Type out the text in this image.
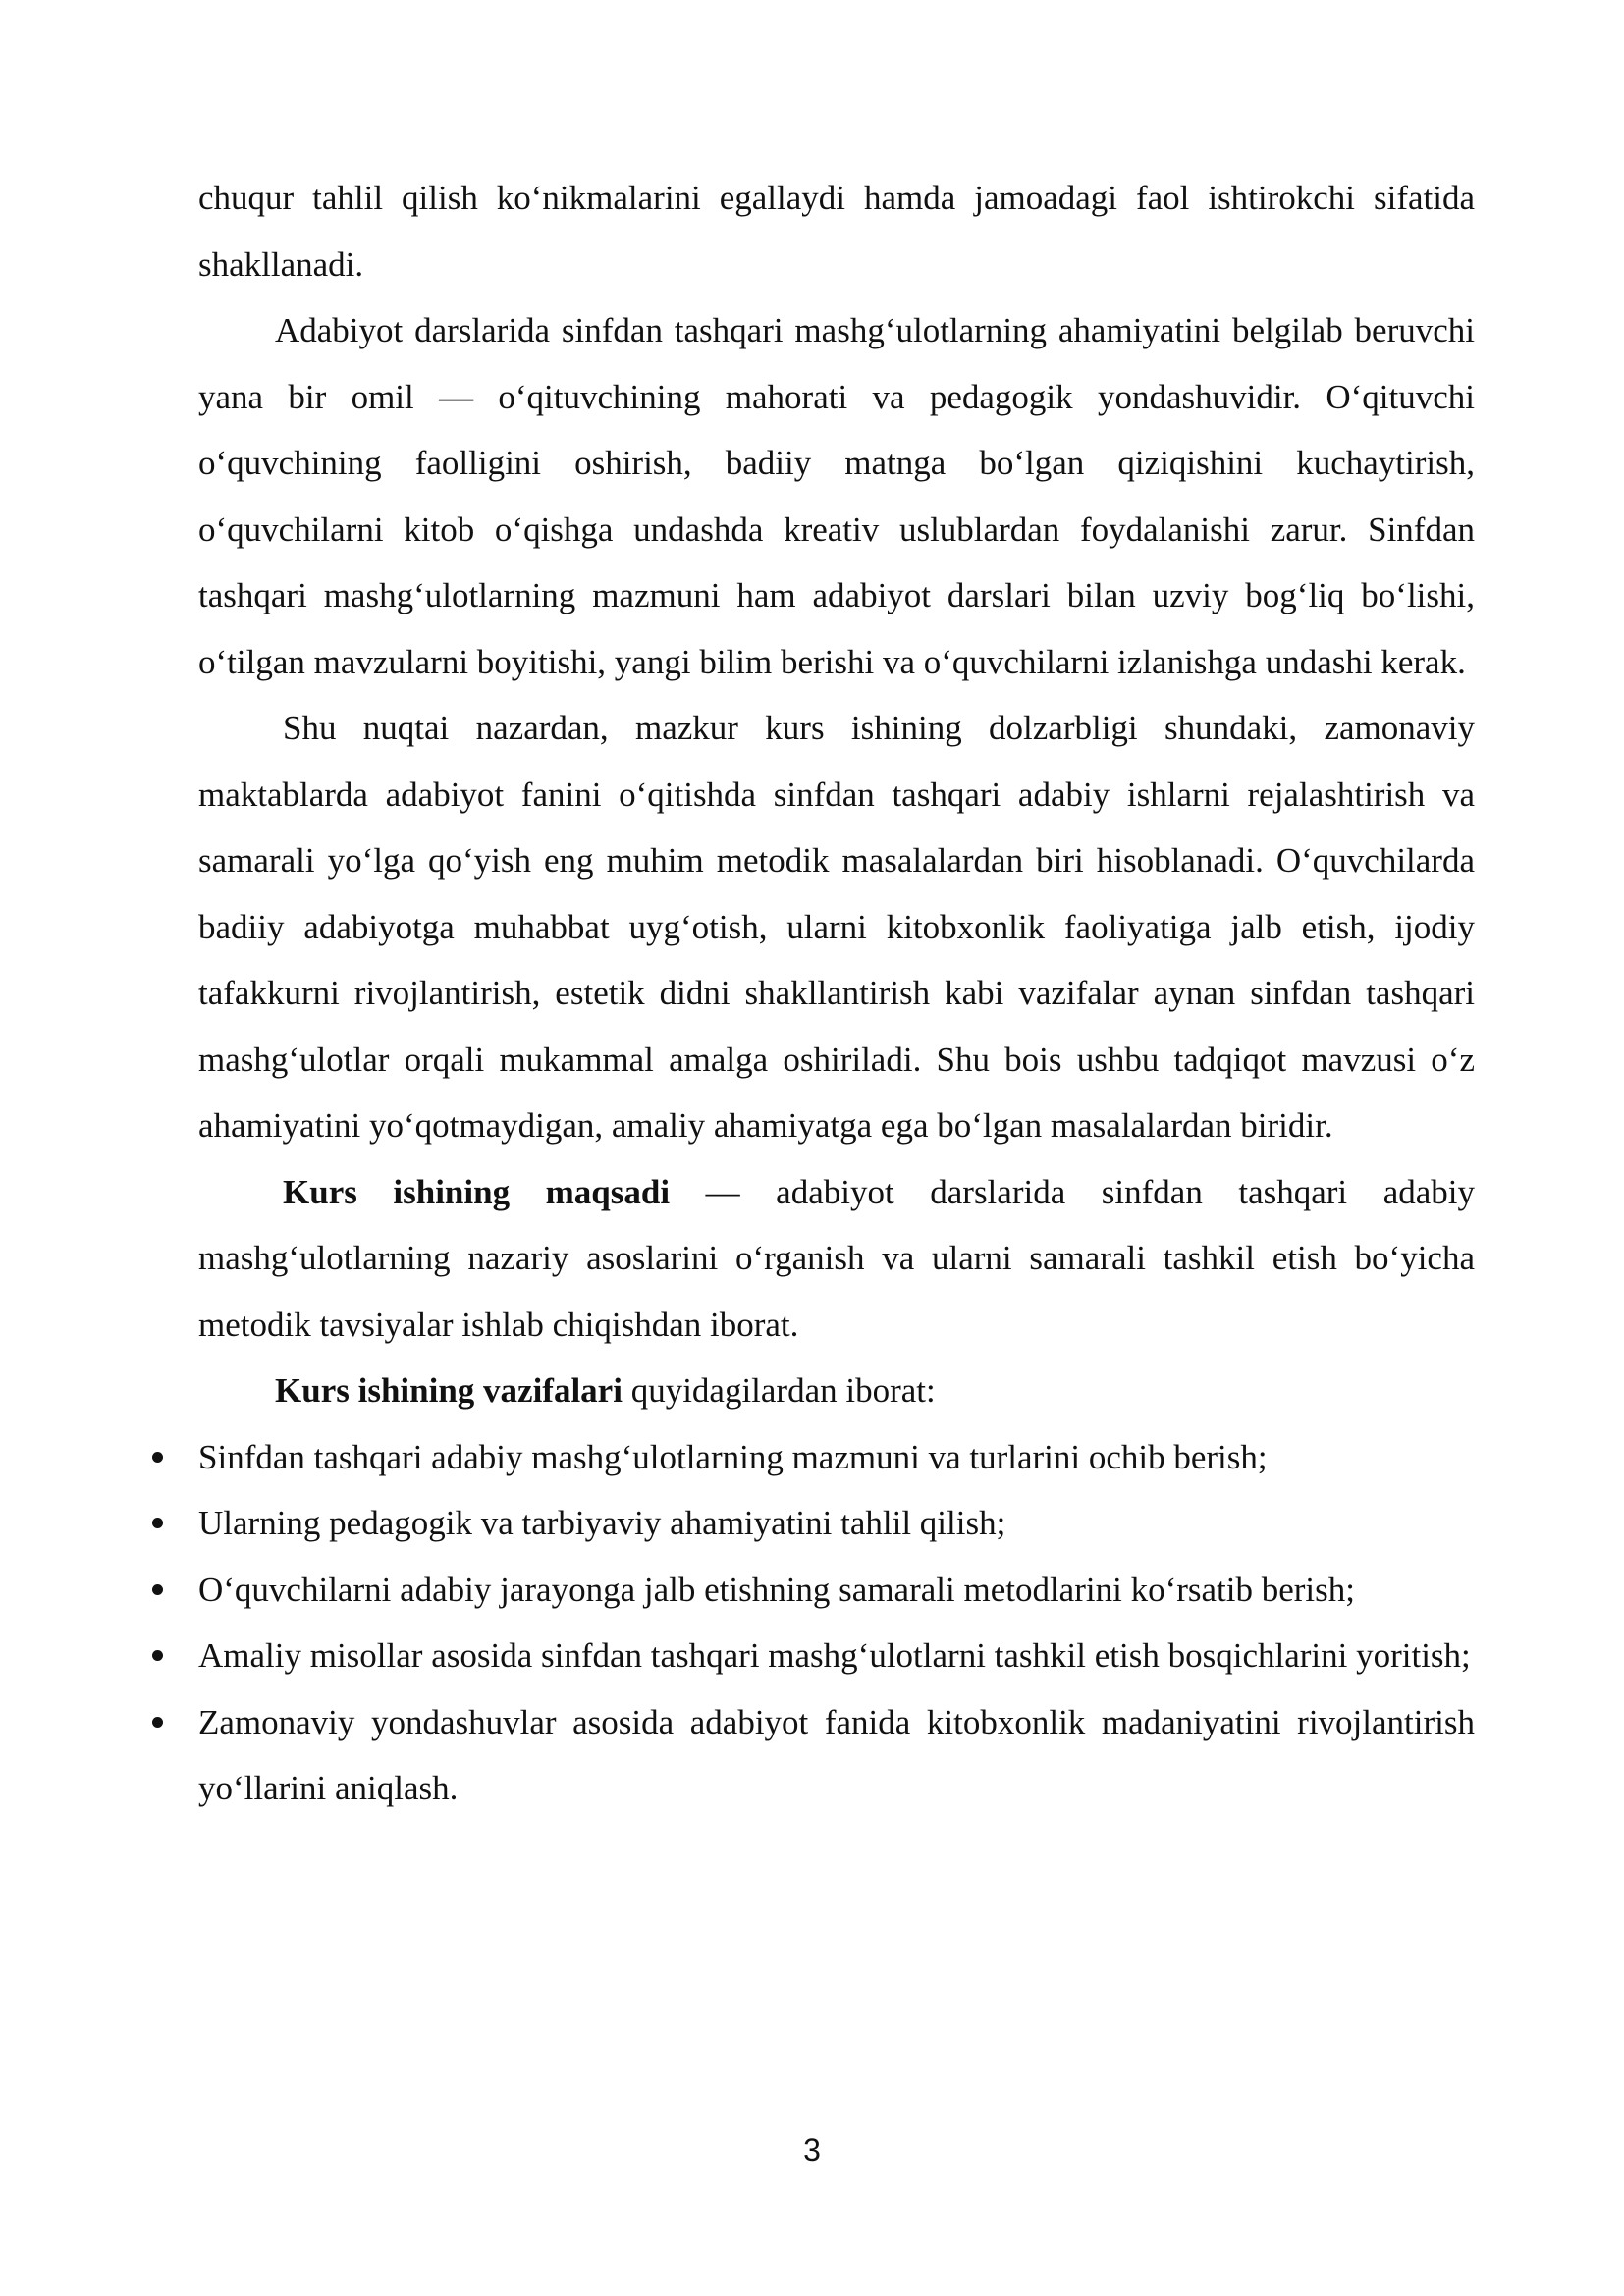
chuqur tahlil qilish ko‘nikmalarini egallaydi hamda jamoadagi faol ishtirokchi sifatida shakllanadi.

Adabiyot darslarida sinfdan tashqari mashg‘ulotlarning ahamiyatini belgilab beruvchi yana bir omil — o‘qituvchining mahorati va pedagogik yondashuvidir. O‘qituvchi o‘quvchining faolligini oshirish, badiiy matnga bo‘lgan qiziqishini kuchaytirish, o‘quvchilarni kitob o‘qishga undashda kreativ uslublardan foydalanishi zarur. Sinfdan tashqari mashg‘ulotlarning mazmuni ham adabiyot darslari bilan uzviy bog‘liq bo‘lishi, o‘tilgan mavzularni boyitishi, yangi bilim berishi va o‘quvchilarni izlanishga undashi kerak.

Shu nuqtai nazardan, mazkur kurs ishining dolzarbligi shundaki, zamonaviy maktablarda adabiyot fanini o‘qitishda sinfdan tashqari adabiy ishlarni rejalashtirish va samarali yo‘lga qo‘yish eng muhim metodik masalalardan biri hisoblanadi. O‘quvchilarda badiiy adabiyotga muhabbat uyg‘otish, ularni kitobxonlik faoliyatiga jalb etish, ijodiy tafakkurni rivojlantirish, estetik didni shakllantirish kabi vazifalar aynan sinfdan tashqari mashg‘ulotlar orqali mukammal amalga oshiriladi. Shu bois ushbu tadqiqot mavzusi o‘z ahamiyatini yo‘qotmaydigan, amaliy ahamiyatga ega bo‘lgan masalalardan biridir.

Kurs ishining maqsadi — adabiyot darslarida sinfdan tashqari adabiy mashg‘ulotlarning nazariy asoslarini o‘rganish va ularni samarali tashkil etish bo‘yicha metodik tavsiyalar ishlab chiqishdan iborat.

Kurs ishining vazifalari quyidagilardan iborat:

Sinfdan tashqari adabiy mashg‘ulotlarning mazmuni va turlarini ochib berish;
Ularning pedagogik va tarbiyaviy ahamiyatini tahlil qilish;
O‘quvchilarni adabiy jarayonga jalb etishning samarali metodlarini ko‘rsatib berish;
Amaliy misollar asosida sinfdan tashqari mashg‘ulotlarni tashkil etish bosqichlarini yoritish;
Zamonaviy yondashuvlar asosida adabiyot fanida kitobxonlik madaniyatini rivojlantirish yo‘llarini aniqlash.
3
